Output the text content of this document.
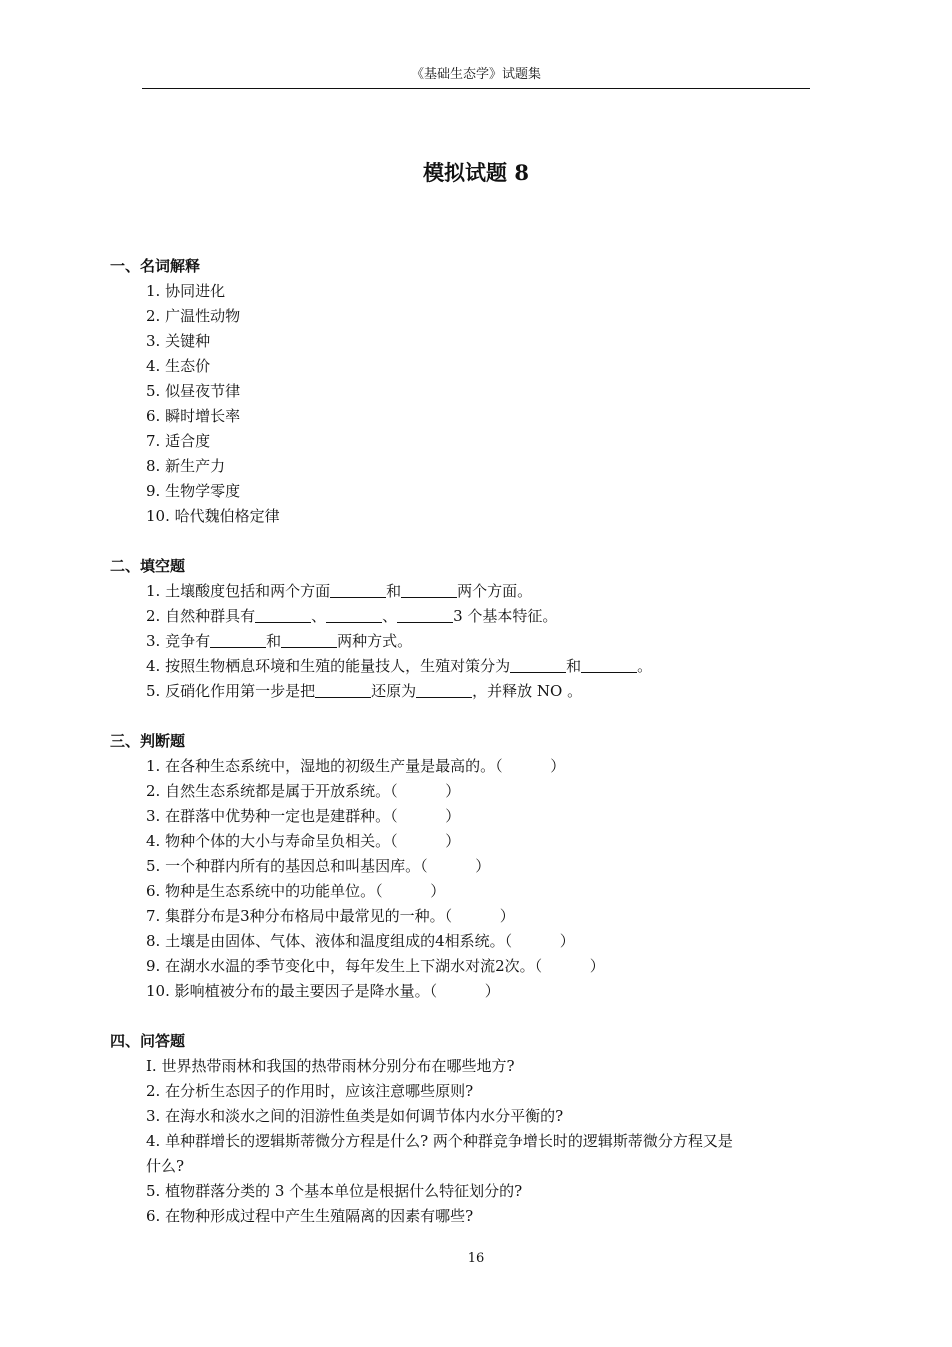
《基础生态学》试题集
模拟试题 8
一、名词解释
1. 协同进化
2. 广温性动物
3. 关键种
4. 生态价
5. 似昼夜节律
6. 瞬时增长率
7. 适合度
8. 新生产力
9. 生物学零度
10. 哈代魏伯格定律
二、填空题
1. 土壤酸度包括和两个方面	和	两个方面。
2. 自然种群具有	、	、	3 个基本特征。
3. 竞争有	和	两种方式。
4. 按照生物栖息环境和生殖的能量技人，生殖对策分为	和	。
5. 反硝化作用第一步是把	还原为	，并释放 NO 。
三、判断题
1. 在各种生态系统中，湿地的初级生产量是最高的。（          ）
2. 自然生态系统都是属于开放系统。（          ）
3. 在群落中优势种一定也是建群种。（          ）
4. 物种个体的大小与寿命呈负相关。（          ）
5. 一个种群内所有的基因总和叫基因库。（          ）
6. 物种是生态系统中的功能单位。（          ）
7. 集群分布是3种分布格局中最常见的一种。（          ）
8. 土壤是由固体、气体、液体和温度组成的4相系统。（          ）
9. 在湖水水温的季节变化中，每年发生上下湖水对流2次。（          ）
10. 影响植被分布的最主要因子是降水量。（          ）
四、问答题
I. 世界热带雨林和我国的热带雨林分别分布在哪些地方?
2. 在分析生态因子的作用时，应该注意哪些原则?
3. 在海水和淡水之间的泪游性鱼类是如何调节体内水分平衡的?
4. 单种群增长的逻辑斯蒂微分方程是什么? 两个种群竞争增长时的逻辑斯蒂微分方程又是
什么?
5. 植物群落分类的 3 个基本单位是根据什么特征划分的?
6. 在物种形成过程中产生生殖隔离的因素有哪些?
16
